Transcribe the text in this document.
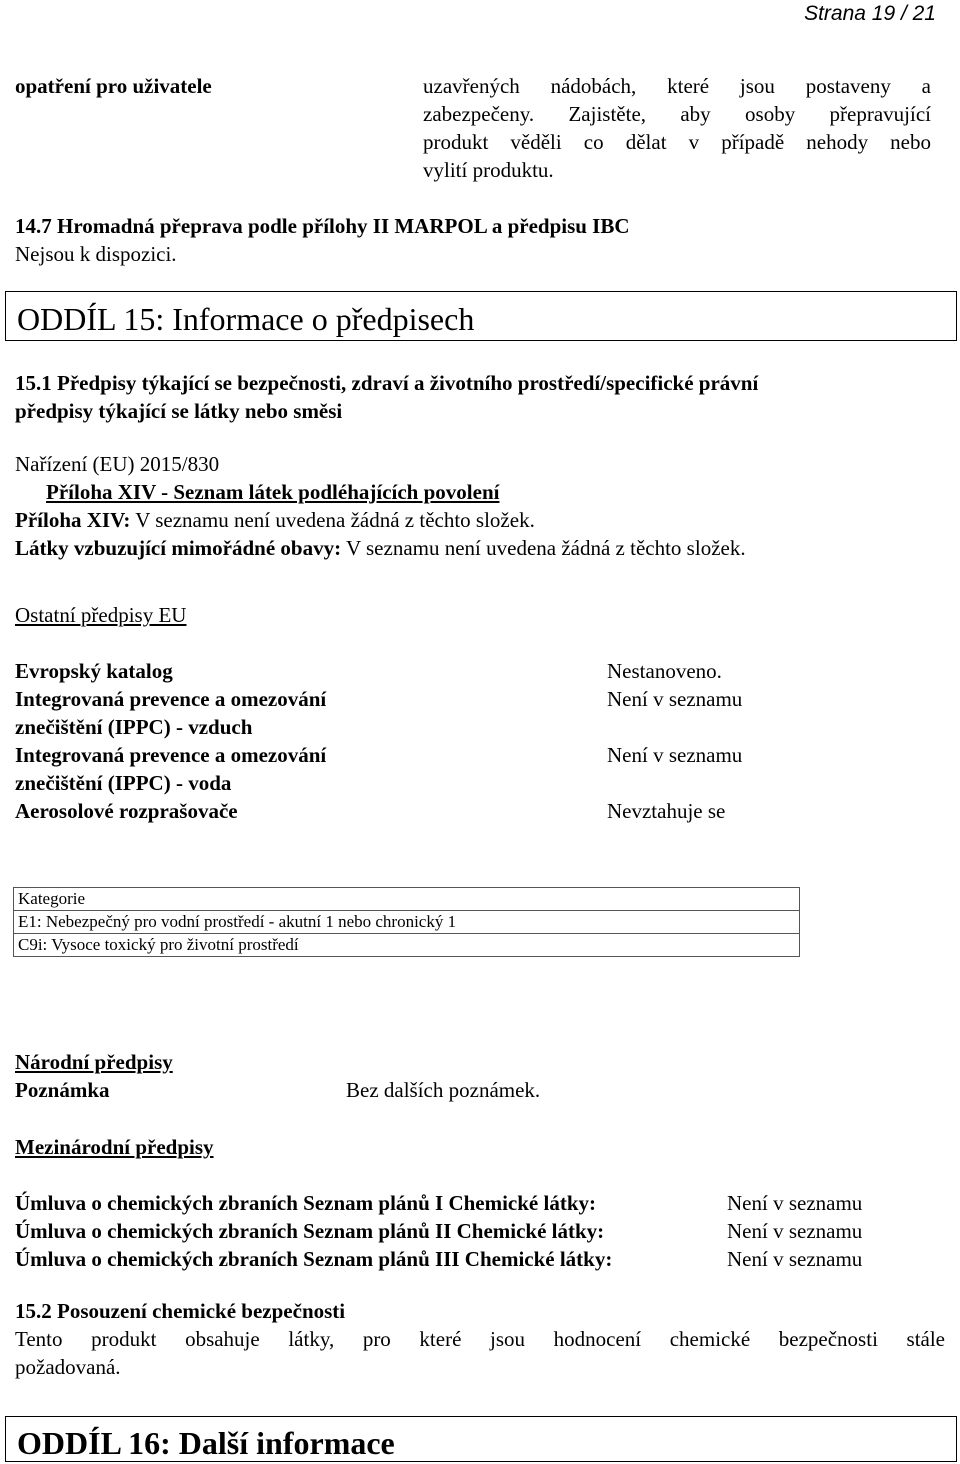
Strana 19 / 21
opatření pro uživatele	uzavřených nádobách, které jsou postaveny a
zabezpečeny. Zajistěte, aby osoby přepravující
produkt věděli co dělat v případě nehody nebo
vylití produktu.
14.7 Hromadná přeprava podle přílohy II MARPOL a předpisu IBC
Nejsou k dispozici.
ODDÍL 15: Informace o předpisech
15.1 Předpisy týkající se bezpečnosti, zdraví a životního prostředí/specifické právní
předpisy týkající se látky nebo směsi
Nařízení (EU) 2015/830
Příloha XIV - Seznam látek podléhajících povolení
Příloha XIV: V seznamu není uvedena žádná z těchto složek.
Látky vzbuzující mimořádné obavy: V seznamu není uvedena žádná z těchto složek.
Ostatní předpisy EU
Evropský katalog	Nestanoveno.
Integrovaná prevence a omezování
znečištění (IPPC) - vzduch
Není v seznamu
Integrovaná prevence a omezování
znečištění (IPPC) - voda
Není v seznamu
Aerosolové rozprašovače	Nevztahuje se
Kategorie
E1: Nebezpečný pro vodní prostředí - akutní 1 nebo chronický 1
C9i: Vysoce toxický pro životní prostředí
Národní předpisy
Poznámka	Bez dalších poznámek.
Mezinárodní předpisy
Úmluva o chemických zbraních Seznam plánů I Chemické látky:	Není v seznamu
Úmluva o chemických zbraních Seznam plánů II Chemické látky:	Není v seznamu
Úmluva o chemických zbraních Seznam plánů III Chemické látky:	Není v seznamu
15.2 Posouzení chemické bezpečnosti
Tento produkt obsahuje látky, pro které jsou hodnocení chemické bezpečnosti stále
požadovaná.
ODDÍL 16: Další informace
